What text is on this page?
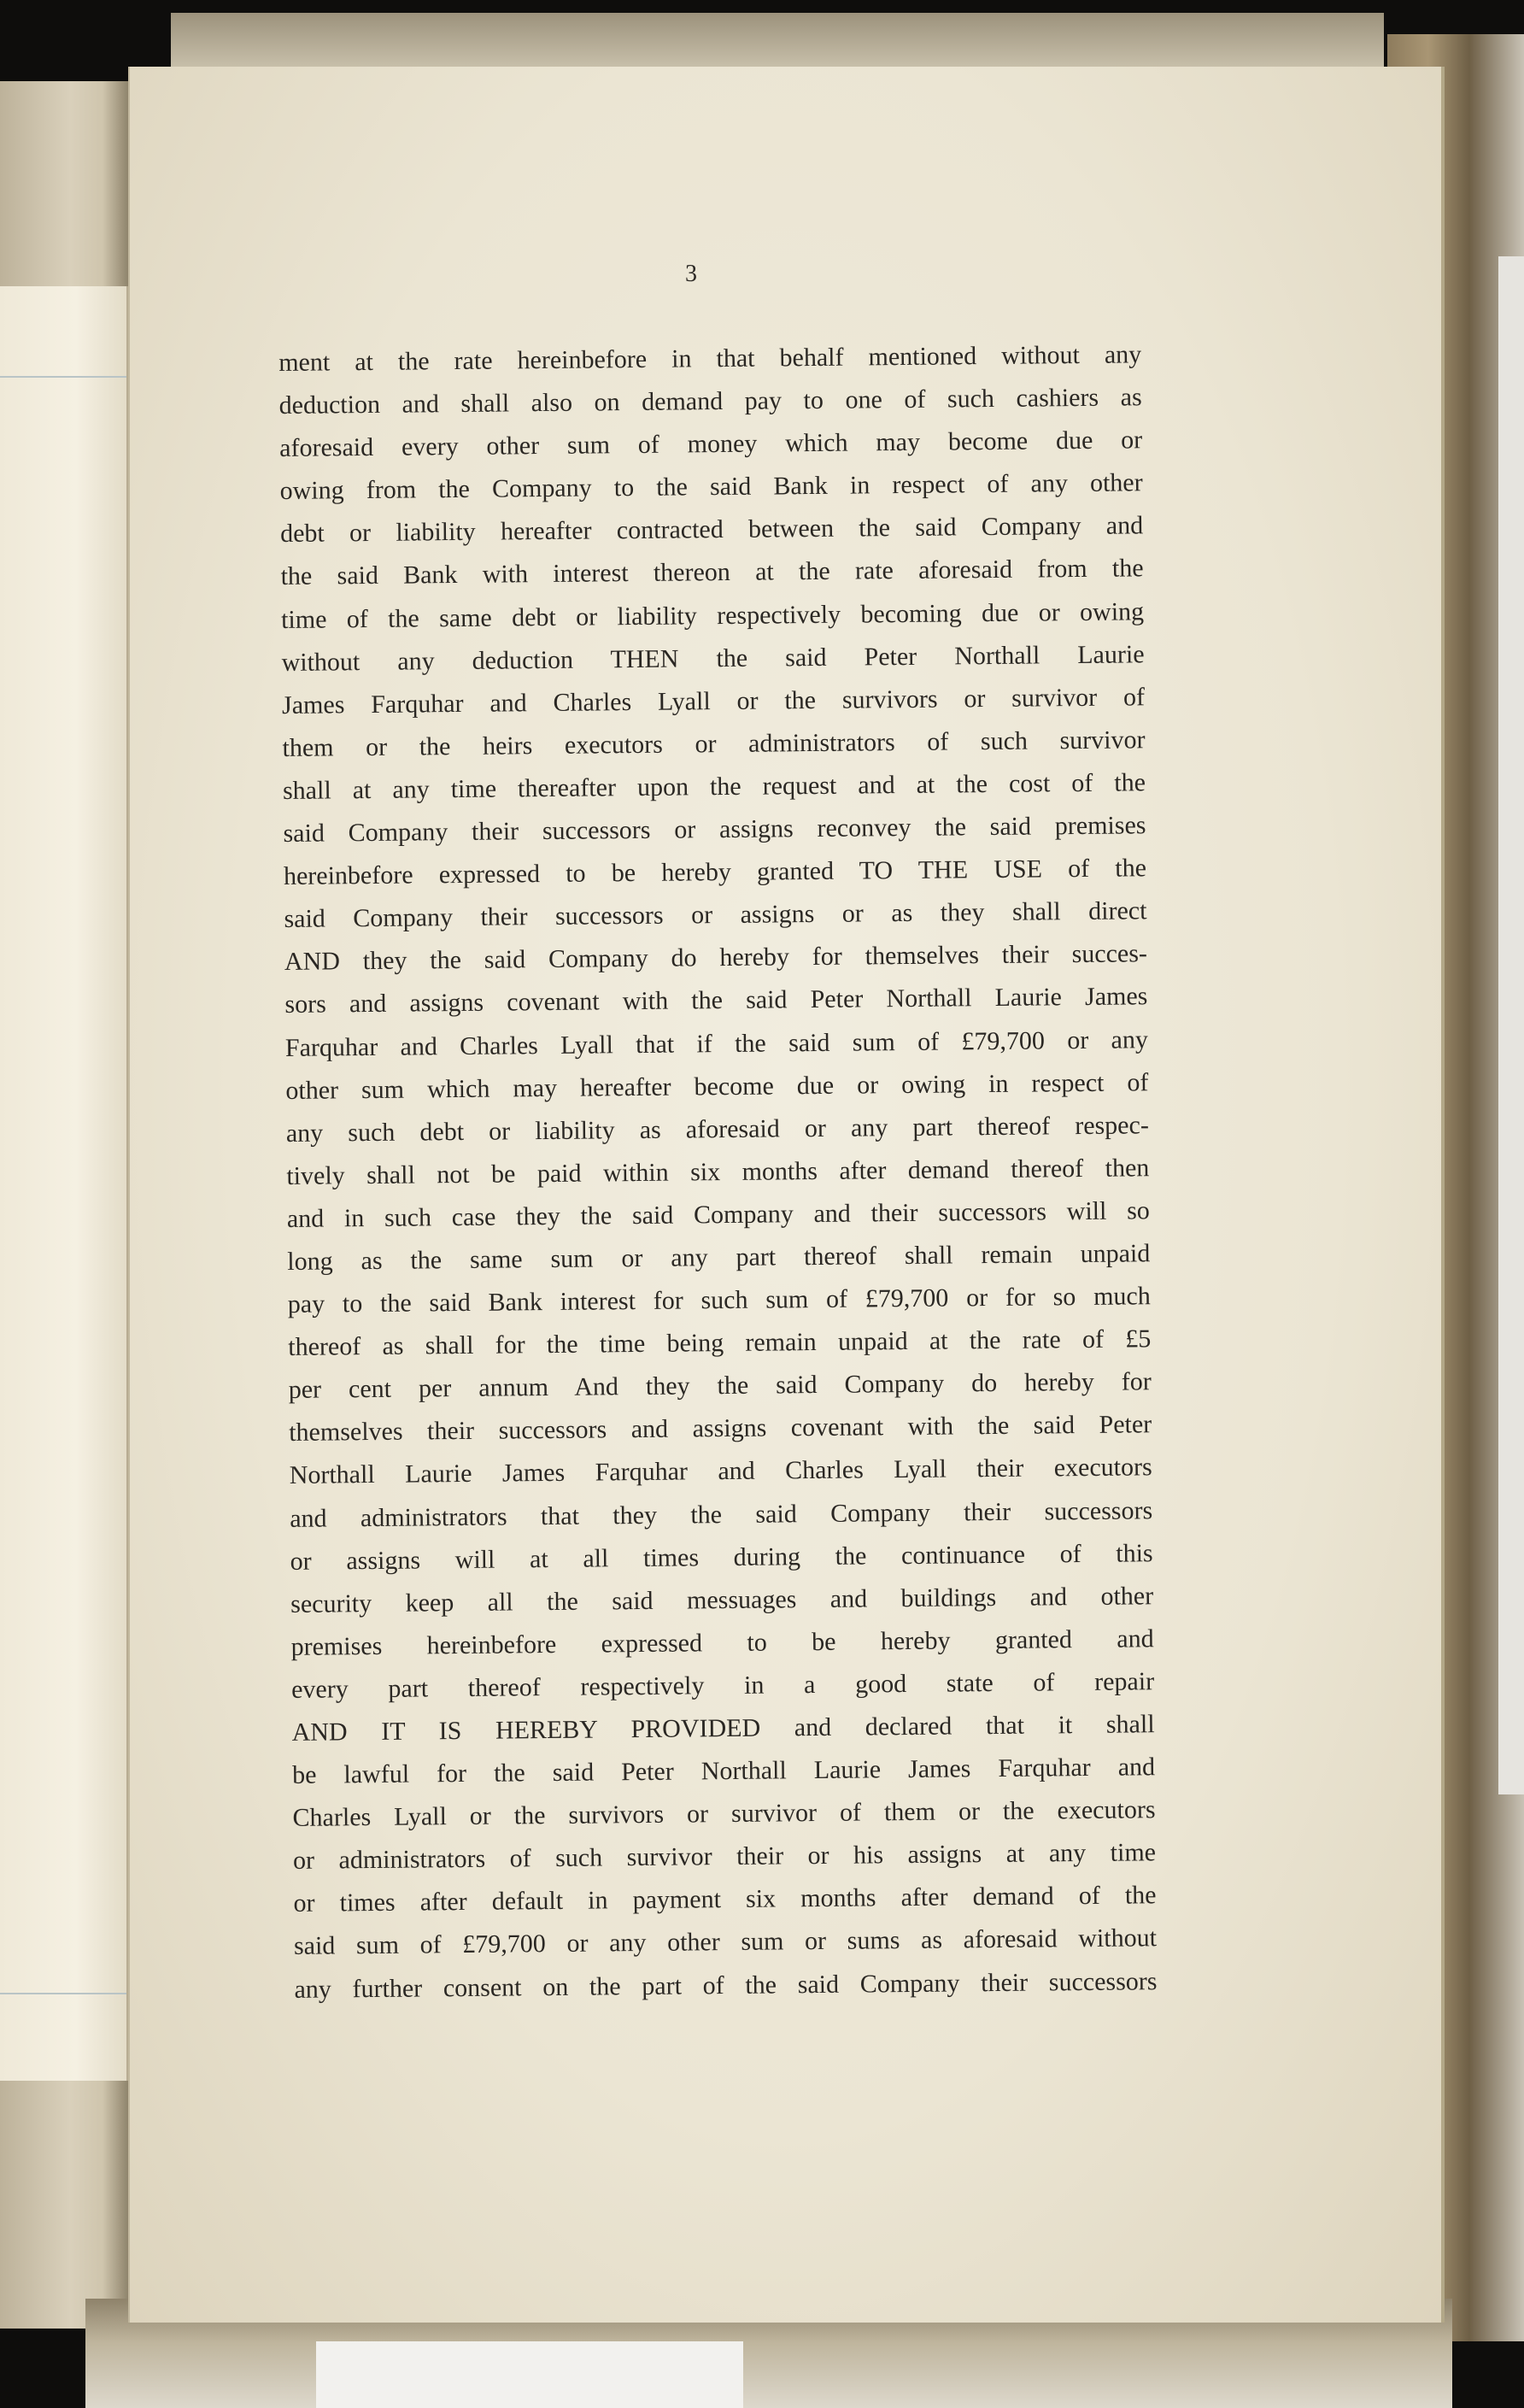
3
ment at the rate hereinbefore in that behalf mentioned without any
deduction and shall also on demand pay to one of such cashiers as
aforesaid every other sum of money which may become due or
owing from the Company to the said Bank in respect of any other
debt or liability hereafter contracted between the said Company and
the said Bank with interest thereon at the rate aforesaid from the
time of the same debt or liability respectively becoming due or owing
without any deduction THEN the said Peter Northall Laurie
James Farquhar and Charles Lyall or the survivors or survivor of
them or the heirs executors or administrators of such survivor
shall at any time thereafter upon the request and at the cost of the
said Company their successors or assigns reconvey the said premises
hereinbefore expressed to be hereby granted TO THE USE of the
said Company their successors or assigns or as they shall direct
AND they the said Company do hereby for themselves their succes-
sors and assigns covenant with the said Peter Northall Laurie James
Farquhar and Charles Lyall that if the said sum of £79,700 or any
other sum which may hereafter become due or owing in respect of
any such debt or liability as aforesaid or any part thereof respec-
tively shall not be paid within six months after demand thereof then
and in such case they the said Company and their successors will so
long as the same sum or any part thereof shall remain unpaid
pay to the said Bank interest for such sum of £79,700 or for so much
thereof as shall for the time being remain unpaid at the rate of £5
per cent per annum And they the said Company do hereby for
themselves their successors and assigns covenant with the said Peter
Northall Laurie James Farquhar and Charles Lyall their executors
and administrators that they the said Company their successors
or assigns will at all times during the continuance of this
security keep all the said messuages and buildings and other
premises hereinbefore expressed to be hereby granted and
every part thereof respectively in a good state of repair
AND IT IS HEREBY PROVIDED and declared that it shall
be lawful for the said Peter Northall Laurie James Farquhar and
Charles Lyall or the survivors or survivor of them or the executors
or administrators of such survivor their or his assigns at any time
or times after default in payment six months after demand of the
said sum of £79,700 or any other sum or sums as aforesaid without
any further consent on the part of the said Company their successors
